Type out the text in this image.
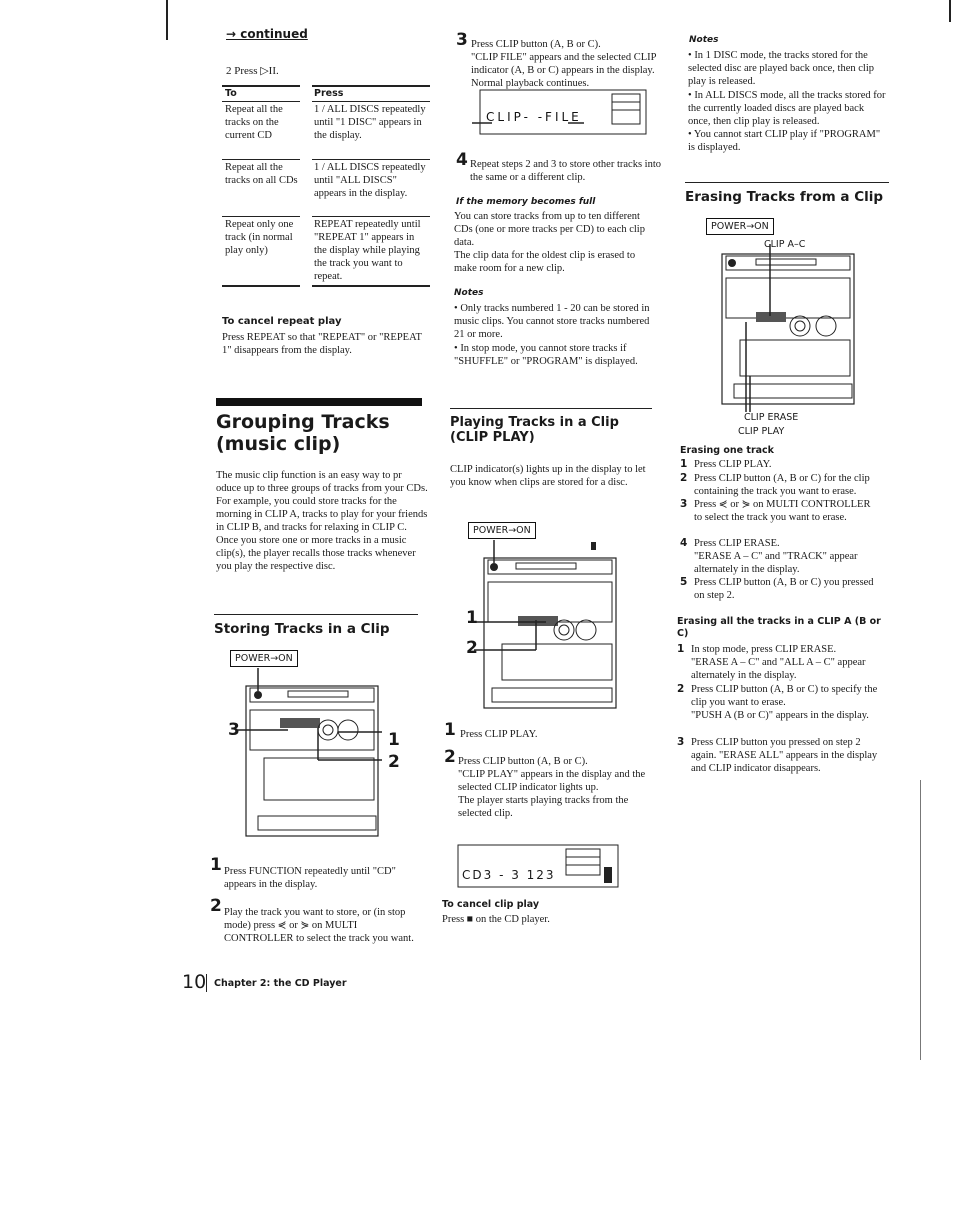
→ continued
2 Press ▷II.
To	Press
Repeat all the tracks on the current CD
1 / ALL DISCS repeatedly until "1 DISC" appears in the display.
Repeat all the tracks on all CDs
1 / ALL DISCS repeatedly until "ALL DISCS" appears in the display.
Repeat only one track (in normal play only)
REPEAT repeatedly until "REPEAT 1" appears in the display while playing the track you want to repeat.
To cancel repeat play
Press REPEAT so that "REPEAT" or "REPEAT 1" disappears from the display.
Grouping Tracks (music clip)
The music clip function is an easy way to pr oduce up to three groups of tracks from your CDs. For example, you could store tracks for the morning in CLIP A, tracks to play for your friends in CLIP B, and tracks for relaxing in CLIP C.
Once you store one or more tracks in a music clip(s), the player recalls those tracks whenever you play the respective disc.
Storing Tracks in a Clip
POWER→ON
3	1
2
1 Press FUNCTION repeatedly until "CD" appears in the display.
2 Play the track you want to store, or (in stop mode) press ⋞ or ⋟ on MULTI CONTROLLER to select the track you want.
10 Chapter 2: the CD Player
3 Press CLIP button (A, B or C).
"CLIP FILE" appears and the selected CLIP indicator (A, B or C) appears in the display. Normal playback continues.
CLIP- -FILE
4 Repeat steps 2 and 3 to store other tracks into the same or a different clip.
If the memory becomes full
You can store tracks from up to ten different CDs (one or more tracks per CD) to each clip data.
The clip data for the oldest clip is erased to make room for a new clip.
Notes
• Only tracks numbered 1 - 20 can be stored in music clips. You cannot store tracks numbered 21 or more.
• In stop mode, you cannot store tracks if "SHUFFLE" or "PROGRAM" is displayed.
Playing Tracks in a Clip (CLIP PLAY)
CLIP indicator(s) lights up in the display to let you know when clips are stored for a disc.
POWER→ON
1
2
1 Press CLIP PLAY.
2 Press CLIP button (A, B or C).
"CLIP PLAY" appears in the display and the selected CLIP indicator lights up.
The player starts playing tracks from the selected clip.
CD3 - 3 123
To cancel clip play
Press ■ on the CD player.
Notes
• In 1 DISC mode, the tracks stored for the selected disc are played back once, then clip play is released.
• In ALL DISCS mode, all the tracks stored for the currently loaded discs are played back once, then clip play is released.
• You cannot start CLIP play if "PROGRAM" is displayed.
Erasing Tracks from a Clip
POWER→ON
CLIP A–C
CLIP ERASE
CLIP PLAY
Erasing one track
1 Press CLIP PLAY.
2 Press CLIP button (A, B or C) for the clip containing the track you want to erase.
3 Press ⋞ or ⋟ on MULTI CONTROLLER to select the track you want to erase.
4 Press CLIP ERASE.
"ERASE A – C" and "TRACK" appear alternately in the display.
5 Press CLIP button (A, B or C) you pressed on step 2.
Erasing all the tracks in a CLIP A (B or C)
1 In stop mode, press CLIP ERASE.
"ERASE A – C" and "ALL A – C" appear alternately in the display.
2 Press CLIP button (A, B or C) to specify the clip you want to erase.
"PUSH A (B or C)" appears in the display.
3 Press CLIP button you pressed on step 2 again. "ERASE ALL" appears in the display and CLIP indicator disappears.
